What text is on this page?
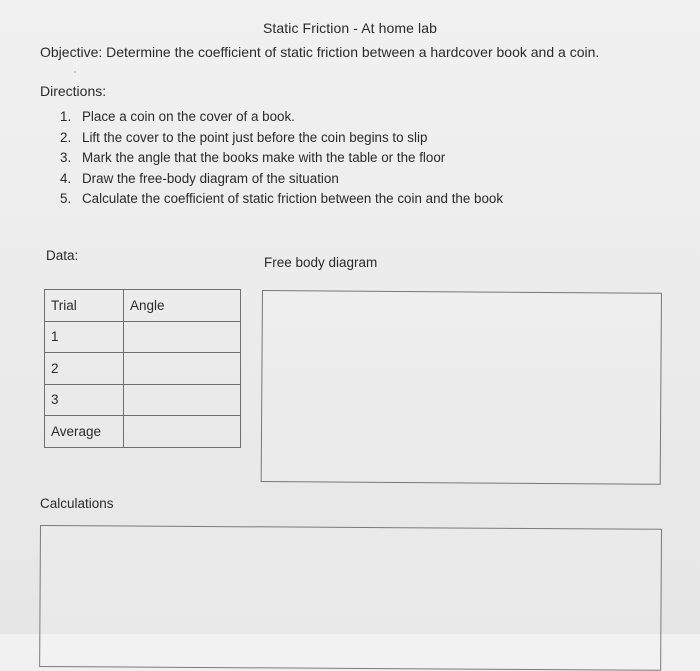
Static Friction - At home lab
Objective: Determine the coefficient of static friction between a hardcover book and a coin.
Directions:
1. Place a coin on the cover of a book.
2. Lift the cover to the point just before the coin begins to slip
3. Mark the angle that the books make with the table or the floor
4. Draw the free-body diagram of the situation
5. Calculate the coefficient of static friction between the coin and the book
Data:	Free body diagram
Trial	Angle
1	
2	
3	
Average	
Calculations
